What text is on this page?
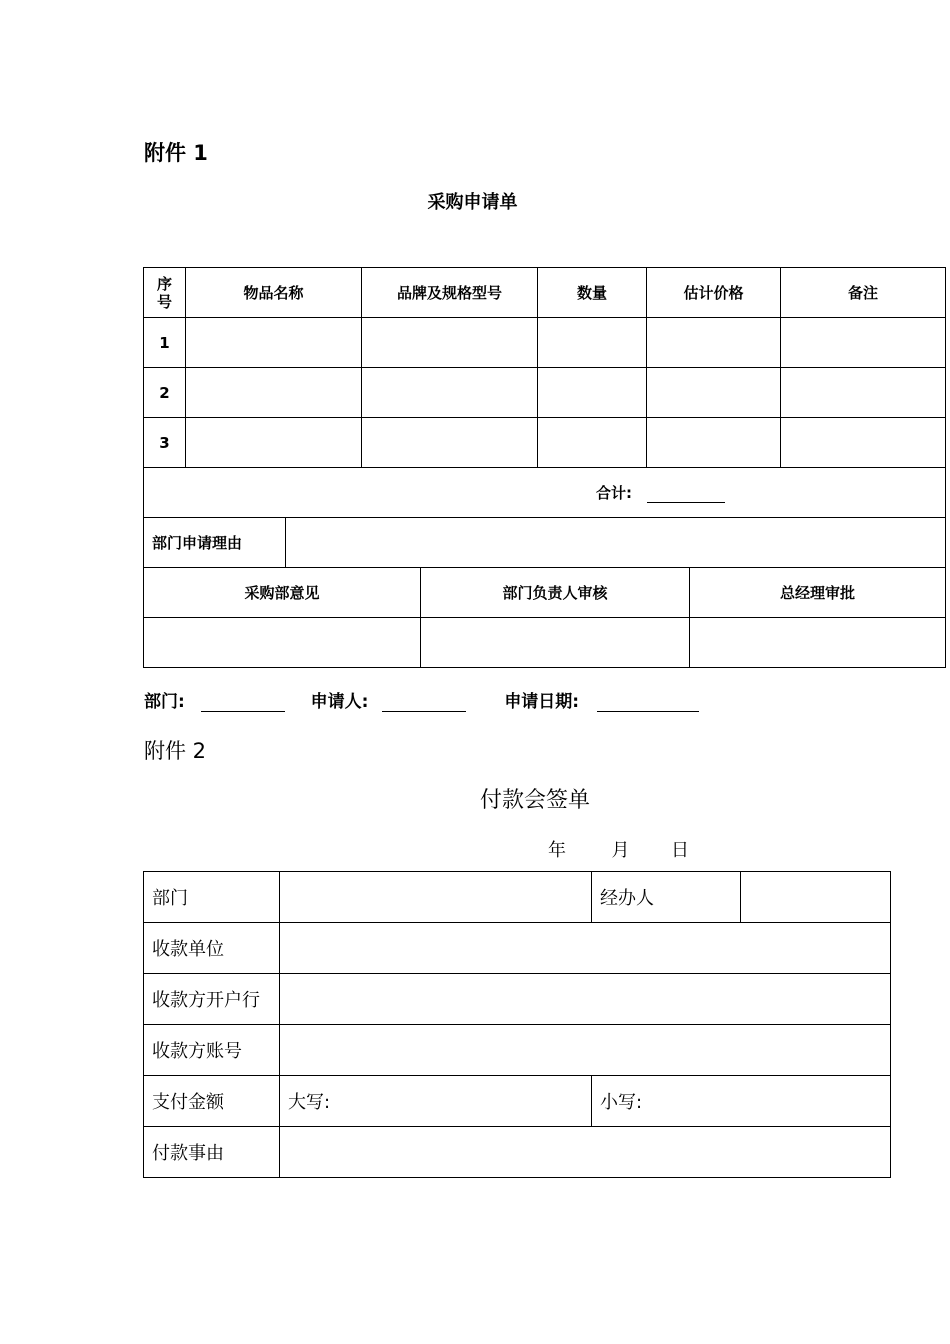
附件 1
采购申请单
序号	物品名称	品牌及规格型号	数量	估计价格	备注
1					
2					
3					
合计:					

部门申请理由					

采购部意见 部门负责人审核 总经理审批					

部门:	申请人:	申请日期:
附件 2
付款会签单
年	月 日
部门		经办人	
收款单位			
收款方开户行			
收款方账号			
支付金额	大写:	小写:	
付款事由			
